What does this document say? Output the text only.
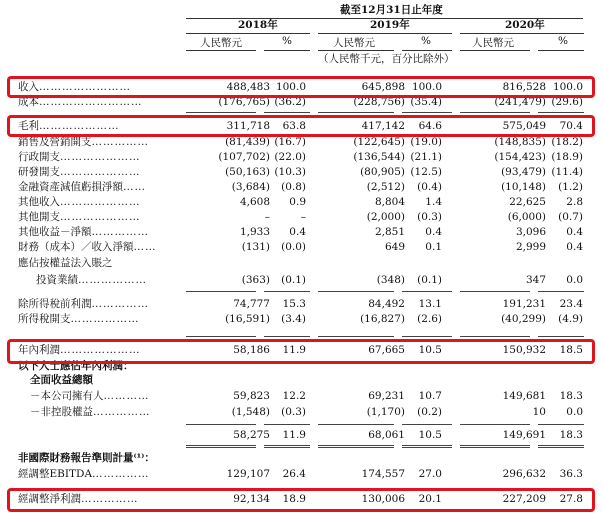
截至12月31日止年度
2018年	2019年	2020年
人民幣元	%	人民幣元	%	人民幣元	%
（人民幣千元，百分比除外）
收入……………………	488,483 100.0	645,898 100.0	816,528 100.0
成本………………………	(176,765) (36.2)	(228,756) (35.4)	(241,479) (29.6)
毛利…………………	311,718	63.8	417,142	64.6	575,049	70.4
銷售及營銷開支……………	(81,439) (16.7)	(122,645) (19.0)	(148,835) (18.2)
行政開支…………………	(107,702) (22.0)	(136,544) (21.1)	(154,423) (18.9)
研發開支…………………	(50,163) (10.3)	(80,905) (12.5)	(93,479) (11.4)
金融資產減值虧損淨額……	(3,684)	(0.8)	(2,512)	(0.4)	(10,148)	(1.2)
其他收入…………………	4,608	0.9	8,804	1.4	22,625	2.8
其他開支…………………	–	–	(2,000)	(0.3)	(6,000)	(0.7)
其他收益－淨額……………	1,933	0.4	2,851	0.4	3,096	0.4
財務（成本）／收入淨額……	(131)	(0.0)	649	0.1	2,999	0.4
應佔按權益法入賬之
投資業績………………	(363)	(0.1)	(348)	(0.1)	347	0.0
除所得稅前利潤……………	74,777	15.3	84,492	13.1	191,231	23.4
所得稅開支………………	(16,591)	(3.4)	(16,827)	(2.6)	(40,299)	(4.9)
年內利潤…………………	58,186	11.9	67,665	10.5	150,932	18.5
以下人士應佔年內利潤：
全面收益總額
－本公司擁有人…………	59,823	12.2	69,231	10.7	149,681	18.3
－非控股權益……………	(1,548)	(0.3)	(1,170)	(0.2)	10	0.0
58,275	11.9	68,061	10.5	149,691	18.3
非國際財務報告準則計量⁽¹⁾：
經調整EBITDA……………	129,107	26.4	174,557	27.0	296,632	36.3
經調整淨利潤……………	92,134	18.9	130,006	20.1	227,209	27.8
